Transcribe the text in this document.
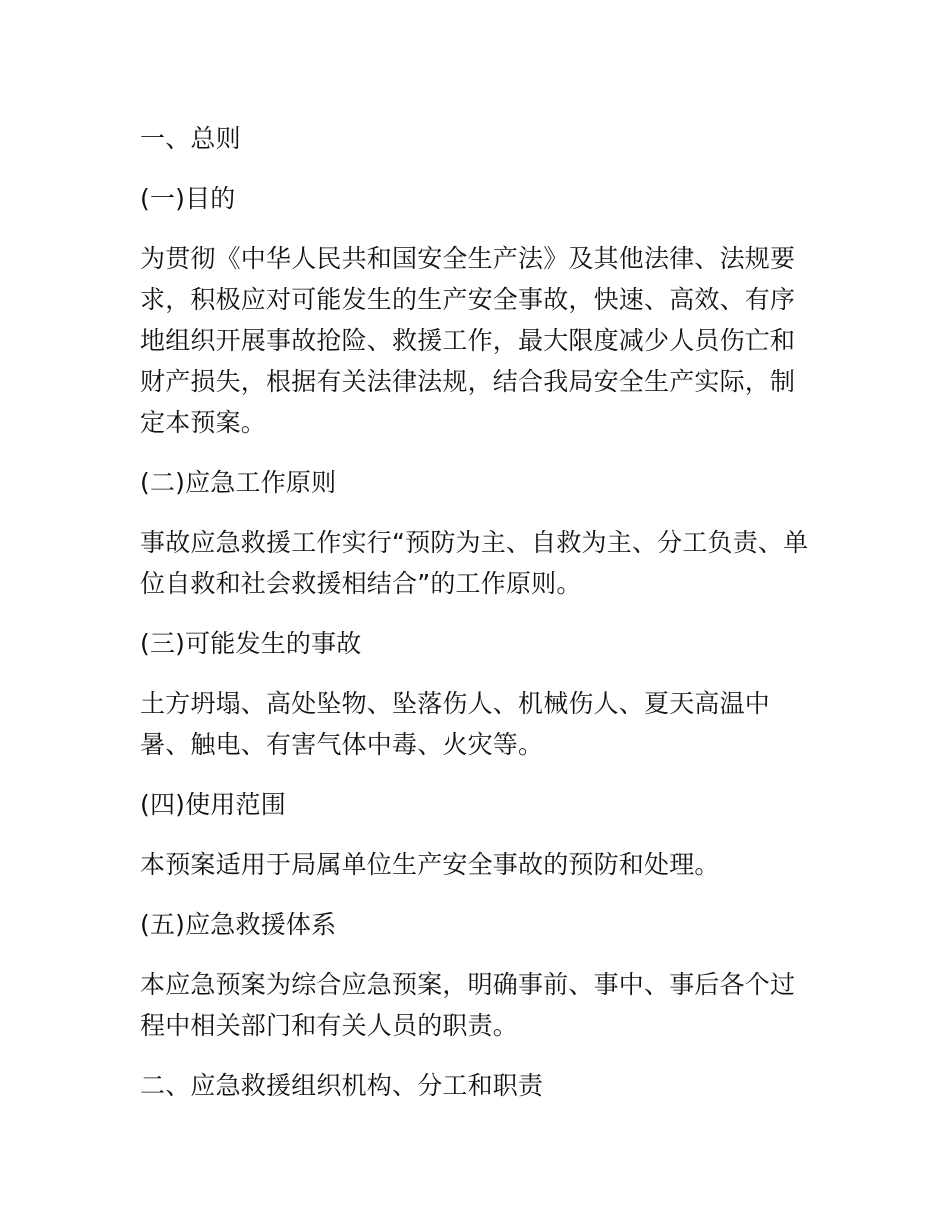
一、总则

(一)目的

为贯彻《中华人民共和国安全生产法》及其他法律、法规要求，积极应对可能发生的生产安全事故，快速、高效、有序地组织开展事故抢险、救援工作，最大限度减少人员伤亡和财产损失，根据有关法律法规，结合我局安全生产实际，制定本预案。

(二)应急工作原则

事故应急救援工作实行“预防为主、自救为主、分工负责、单位自救和社会救援相结合”的工作原则。

(三)可能发生的事故

土方坍塌、高处坠物、坠落伤人、机械伤人、夏天高温中暑、触电、有害气体中毒、火灾等。

(四)使用范围

本预案适用于局属单位生产安全事故的预防和处理。

(五)应急救援体系

本应急预案为综合应急预案，明确事前、事中、事后各个过程中相关部门和有关人员的职责。

二、应急救援组织机构、分工和职责
